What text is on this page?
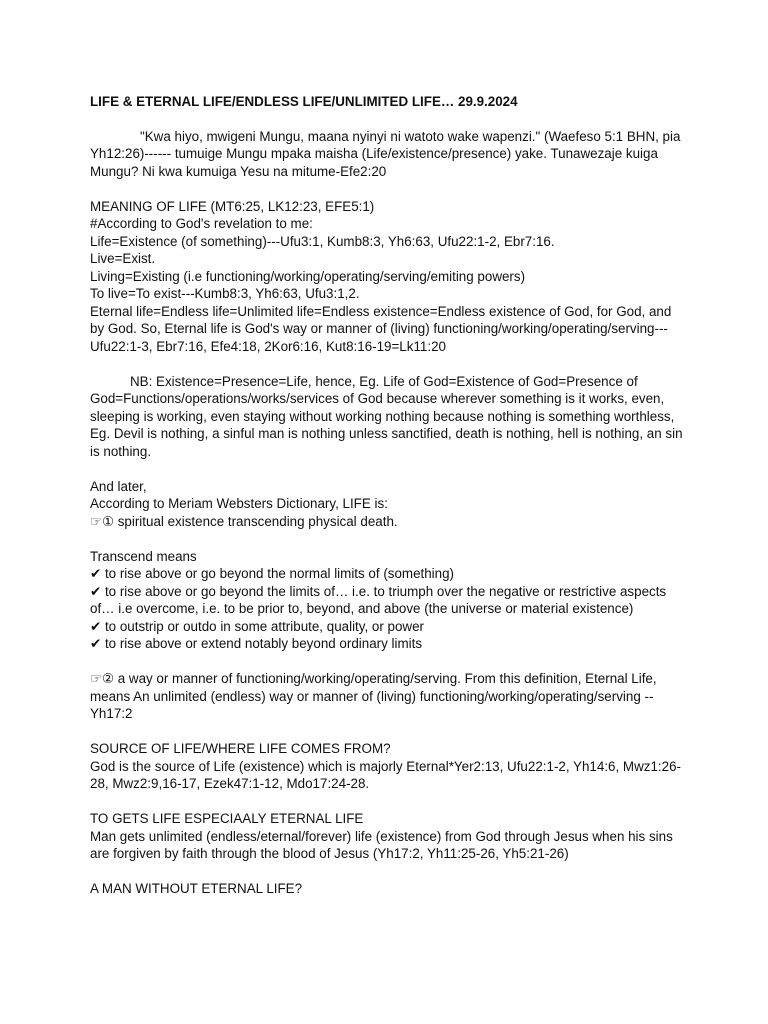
LIFE & ETERNAL LIFE/ENDLESS LIFE/UNLIMITED LIFE… 29.9.2024

"Kwa hiyo, mwigeni Mungu, maana nyinyi ni watoto wake wapenzi." (Waefeso 5:1 BHN, pia Yh12:26)------ tumuige Mungu mpaka maisha (Life/existence/presence) yake. Tunawezaje kuiga Mungu? Ni kwa kumuiga Yesu na mitume-Efe2:20

MEANING OF LIFE (MT6:25, LK12:23, EFE5:1)

#According to God's revelation to me:

Life=Existence (of something)---Ufu3:1, Kumb8:3, Yh6:63, Ufu22:1-2, Ebr7:16.

Live=Exist.

Living=Existing (i.e functioning/working/operating/serving/emiting powers)

To live=To exist---Kumb8:3, Yh6:63, Ufu3:1,2.

Eternal life=Endless life=Unlimited life=Endless existence=Endless existence of God, for God, and by God. So, Eternal life is God's way or manner of (living) functioning/working/operating/serving---Ufu22:1-3, Ebr7:16, Efe4:18, 2Kor6:16, Kut8:16-19=Lk11:20

NB: Existence=Presence=Life, hence, Eg. Life of God=Existence of God=Presence of God=Functions/operations/works/services of God because wherever something is it works, even, sleeping is working, even staying without working nothing because nothing is something worthless, Eg. Devil is nothing, a sinful man is nothing unless sanctified, death is nothing, hell is nothing, an sin is nothing.

And later,

According to Meriam Websters Dictionary, LIFE is:

☞① spiritual existence transcending physical death.

Transcend means

✔ to rise above or go beyond the normal limits of (something)

✔ to rise above or go beyond the limits of… i.e. to triumph over the negative or restrictive aspects of… i.e overcome, i.e. to be prior to, beyond, and above (the universe or material existence)

✔ to outstrip or outdo in some attribute, quality, or power

✔ to rise above or extend notably beyond ordinary limits

☞② a way or manner of functioning/working/operating/serving. From this definition, Eternal Life, means An unlimited (endless) way or manner of (living) functioning/working/operating/serving --Yh17:2

SOURCE OF LIFE/WHERE LIFE COMES FROM?

God is the source of Life (existence) which is majorly Eternal*Yer2:13, Ufu22:1-2, Yh14:6, Mwz1:26-28, Mwz2:9,16-17, Ezek47:1-12, Mdo17:24-28.

TO GETS LIFE ESPECIAALY ETERNAL LIFE

Man gets unlimited (endless/eternal/forever) life (existence) from God through Jesus when his sins are forgiven by faith through the blood of Jesus (Yh17:2, Yh11:25-26, Yh5:21-26)

A MAN WITHOUT ETERNAL LIFE?
